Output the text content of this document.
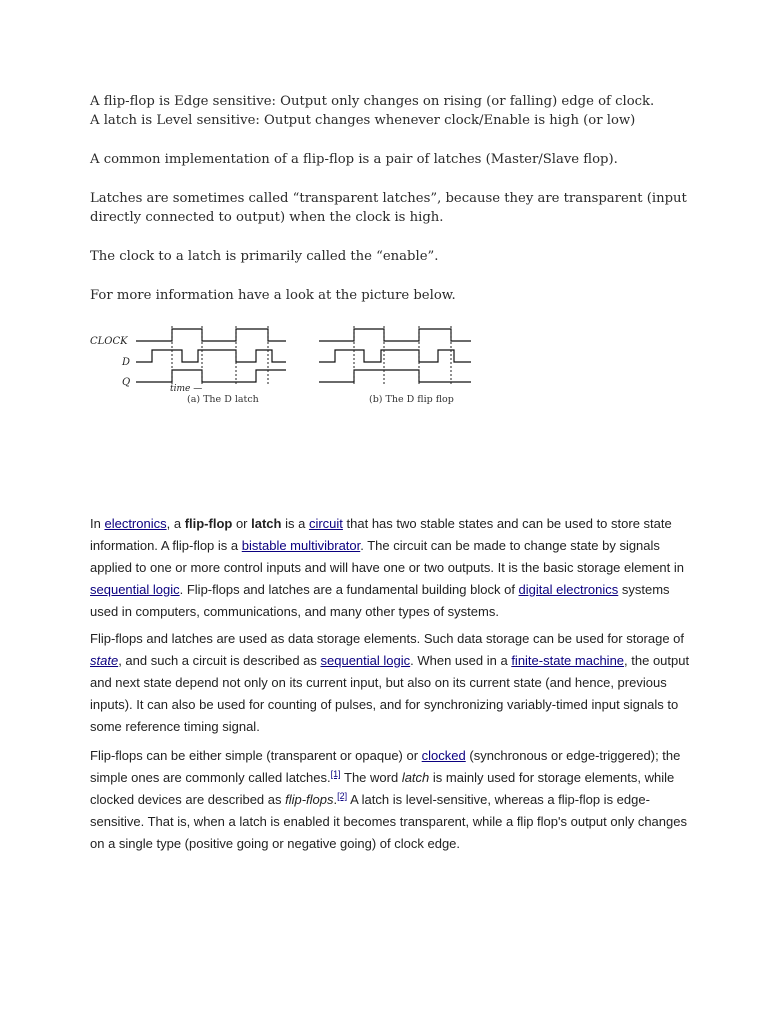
A flip-flop is Edge sensitive: Output only changes on rising (or falling) edge of clock.
A latch is Level sensitive: Output changes whenever clock/Enable is high (or low)
A common implementation of a flip-flop is a pair of latches (Master/Slave flop).
Latches are sometimes called “transparent latches”, because they are transparent (input
directly connected to output) when the clock is high.
The clock to a latch is primarily called the “enable”.
For more information have a look at the picture below.
CLOCK
D
Q
time —
(a) The D latch	(b) The D flip flop

In electronics, a flip-flop or latch is a circuit that has two stable states and can be used to store state information. A flip-flop is a bistable multivibrator. The circuit can be made to change state by signals applied to one or more control inputs and will have one or two outputs. It is the basic storage element in sequential logic. Flip-flops and latches are a fundamental building block of digital electronics systems used in computers, communications, and many other types of systems.

Flip-flops and latches are used as data storage elements. Such data storage can be used for storage of state, and such a circuit is described as sequential logic. When used in a finite-state machine, the output and next state depend not only on its current input, but also on its current state (and hence, previous inputs). It can also be used for counting of pulses, and for synchronizing variably-timed input signals to some reference timing signal.

Flip-flops can be either simple (transparent or opaque) or clocked (synchronous or edge-triggered); the simple ones are commonly called latches.[1] The word latch is mainly used for storage elements, while clocked devices are described as flip-flops.[2] A latch is level-sensitive, whereas a flip-flop is edge-sensitive. That is, when a latch is enabled it becomes transparent, while a flip flop's output only changes on a single type (positive going or negative going) of clock edge.
